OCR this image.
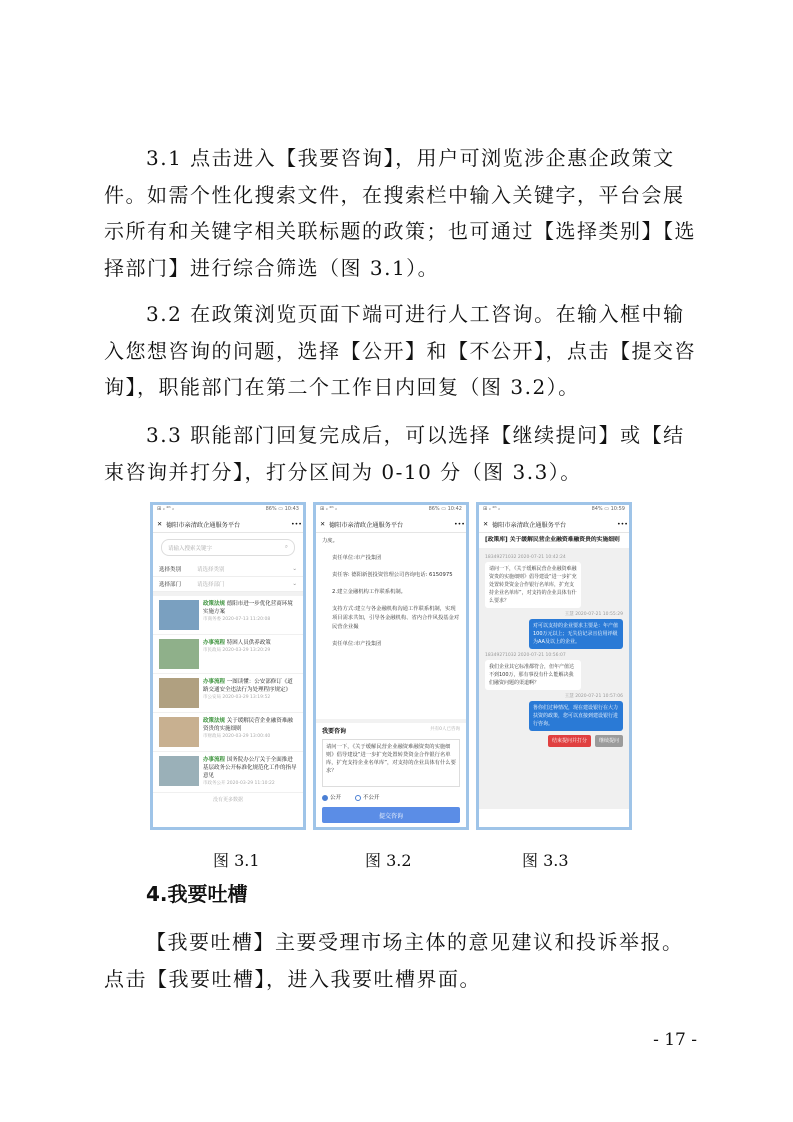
3.1 点击进入【我要咨询】，用户可浏览涉企惠企政策文件。如需个性化搜索文件，在搜索栏中输入关键字，平台会展示所有和关键字相关联标题的政策；也可通过【选择类别】【选择部门】进行综合筛选（图 3.1）。
3.2 在政策浏览页面下端可进行人工咨询。在输入框中输入您想咨询的问题，选择【公开】和【不公开】，点击【提交咨询】，职能部门在第二个工作日内回复（图 3.2）。
3.3 职能部门回复完成后，可以选择【继续提问】或【结束咨询并打分】，打分区间为 0-10 分（图 3.3）。
⊞ ᵢₗ ⁴ᴳ ᵢₗ	86% ▭ 10:43
✕ 德阳市亲清政企通服务平台	•••
请输入搜索关键字	⌕
选择类别	请选择类别	⌄
选择部门	请选择部门	⌄
政策法规 德阳市进一步优化营商环境实施方案
市商务委 2020-07-13 11:20:08
办事流程 特困人员供养政策
市民政局 2020-03-29 13:20:29
办事流程 一图读懂：公安部修订《道路交通安全违法行为处理程序规定》
市公安局 2020-03-29 13:19:52
政策法规 关于缓解民营企业融资难融资贵的实施细则
市财政局 2020-03-29 13:00:40
办事流程 国务院办公厅关于全面推进基层政务公开标准化规范化工作的指导意见
市政务公开 2020-03-29 11:10:22
没有更多数据
⊞ ᵢₗ ⁴ᴳ ᵢₗ	86% ▭ 10:42
✕ 德阳市亲清政企通服务平台	•••

力度。

责任单位:市产投集团

责任客: 德阳新创投资管理公司咨询电话: 6150975

2.建立金融机构工作联系机制。

支持方式:建立与各金融机构沟通工作联系机制，实现项目需求共知，引导各金融机构、省内合作风投基金对民营企业撮

责任单位:市产投集团

我要咨询	共有0人已咨询
请问一下，《关于缓解民营企业融资难融资贵的实施细则》倡导建设“进一步扩充处置转贷资金合作银行名单库，扩充支持企业名单库”，对支持的企业具体有什么要求？
公开	不公开
提交咨询
⊞ ᵢₗ ⁴ᴳ ᵢₗ	84% ▭ 10:59
✕ 德阳市亲清政企通服务平台	•••
[政策库] 关于缓解民营企业融资难融资贵的实施细则
18349271032 2020-07-21 10:42:24
请问一下，《关于缓解民营企业融资难融资贵的实施细则》倡导建设“进一步扩充处置转贷资金合作银行名单库，扩充支持企业名单库”，对支持的企业具体有什么要求？
王慧 2020-07-21 10:55:29
对可以支持的企业要求主要是：年产值100万元以上；无失信记录且信用评级为AA及以上的企业。
18349271032 2020-07-21 10:56:07
我们企业其它标准都符合，但年产值达不到100万，那有事没有什么能解决我们融资问题的渠道啊？
王慧 2020-07-21 10:57:06
鲁你们过种情况，现在建设银行在大力扶资的政策，您可以直接到建设银行进行咨询。
结束提问并打分	继续提问
图 3.1	图 3.2	图 3.3
4.我要吐槽
【我要吐槽】主要受理市场主体的意见建议和投诉举报。点击【我要吐槽】，进入我要吐槽界面。
- 17 -
